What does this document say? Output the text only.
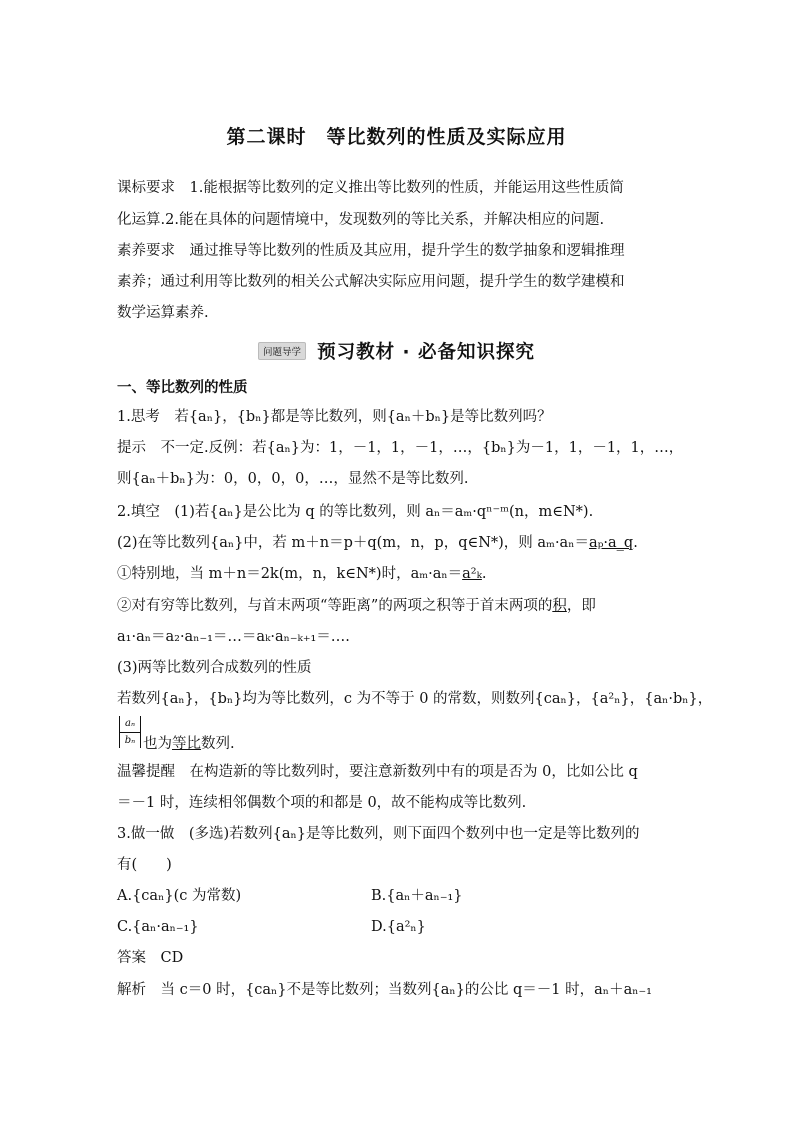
第二课时　等比数列的性质及实际应用
课标要求　1.能根据等比数列的定义推出等比数列的性质，并能运用这些性质简
化运算.2.能在具体的问题情境中，发现数列的等比关系，并解决相应的问题.
素养要求　通过推导等比数列的性质及其应用，提升学生的数学抽象和逻辑推理
素养；通过利用等比数列的相关公式解决实际应用问题，提升学生的数学建模和
数学运算素养.
问题导学 预习教材 · 必备知识探究
一、等比数列的性质
1.思考　若{aₙ}，{bₙ}都是等比数列，则{aₙ＋bₙ}是等比数列吗？
提示　不一定.反例：若{aₙ}为：1，－1，1，－1，…，{bₙ}为－1，1，－1，1，…，
则{aₙ＋bₙ}为：0，0，0，0，…，显然不是等比数列.
2.填空　(1)若{aₙ}是公比为 q 的等比数列，则 aₙ＝aₘ·qⁿ⁻ᵐ(n，m∈N*).
(2)在等比数列{aₙ}中，若 m＋n＝p＋q(m，n，p，q∈N*)，则 aₘ·aₙ＝aₚ·a_q.
①特别地，当 m＋n＝2k(m，n，k∈N*)时，aₘ·aₙ＝a²ₖ.
②对有穷等比数列，与首末两项“等距离”的两项之积等于首末两项的积，即
a₁·aₙ＝a₂·aₙ₋₁＝…＝aₖ·aₙ₋ₖ₊₁＝….
(3)两等比数列合成数列的性质
若数列{aₙ}，{bₙ}均为等比数列，c 为不等于 0 的常数，则数列{caₙ}，{a²ₙ}，{aₙ·bₙ}，
$\frac{\text{aₙ}}{\text{bₙ}}$ 也为等比数列.
温馨提醒　在构造新的等比数列时，要注意新数列中有的项是否为 0，比如公比 q
＝－1 时，连续相邻偶数个项的和都是 0，故不能构成等比数列.
3.做一做　(多选)若数列{aₙ}是等比数列，则下面四个数列中也一定是等比数列的
有(　　)
A.{caₙ}(c 为常数)	B.{aₙ＋aₙ₋₁}
C.{aₙ·aₙ₋₁}	D.{a²ₙ}
答案　CD
解析　当 c＝0 时，{caₙ}不是等比数列；当数列{aₙ}的公比 q＝－1 时，aₙ＋aₙ₋₁
